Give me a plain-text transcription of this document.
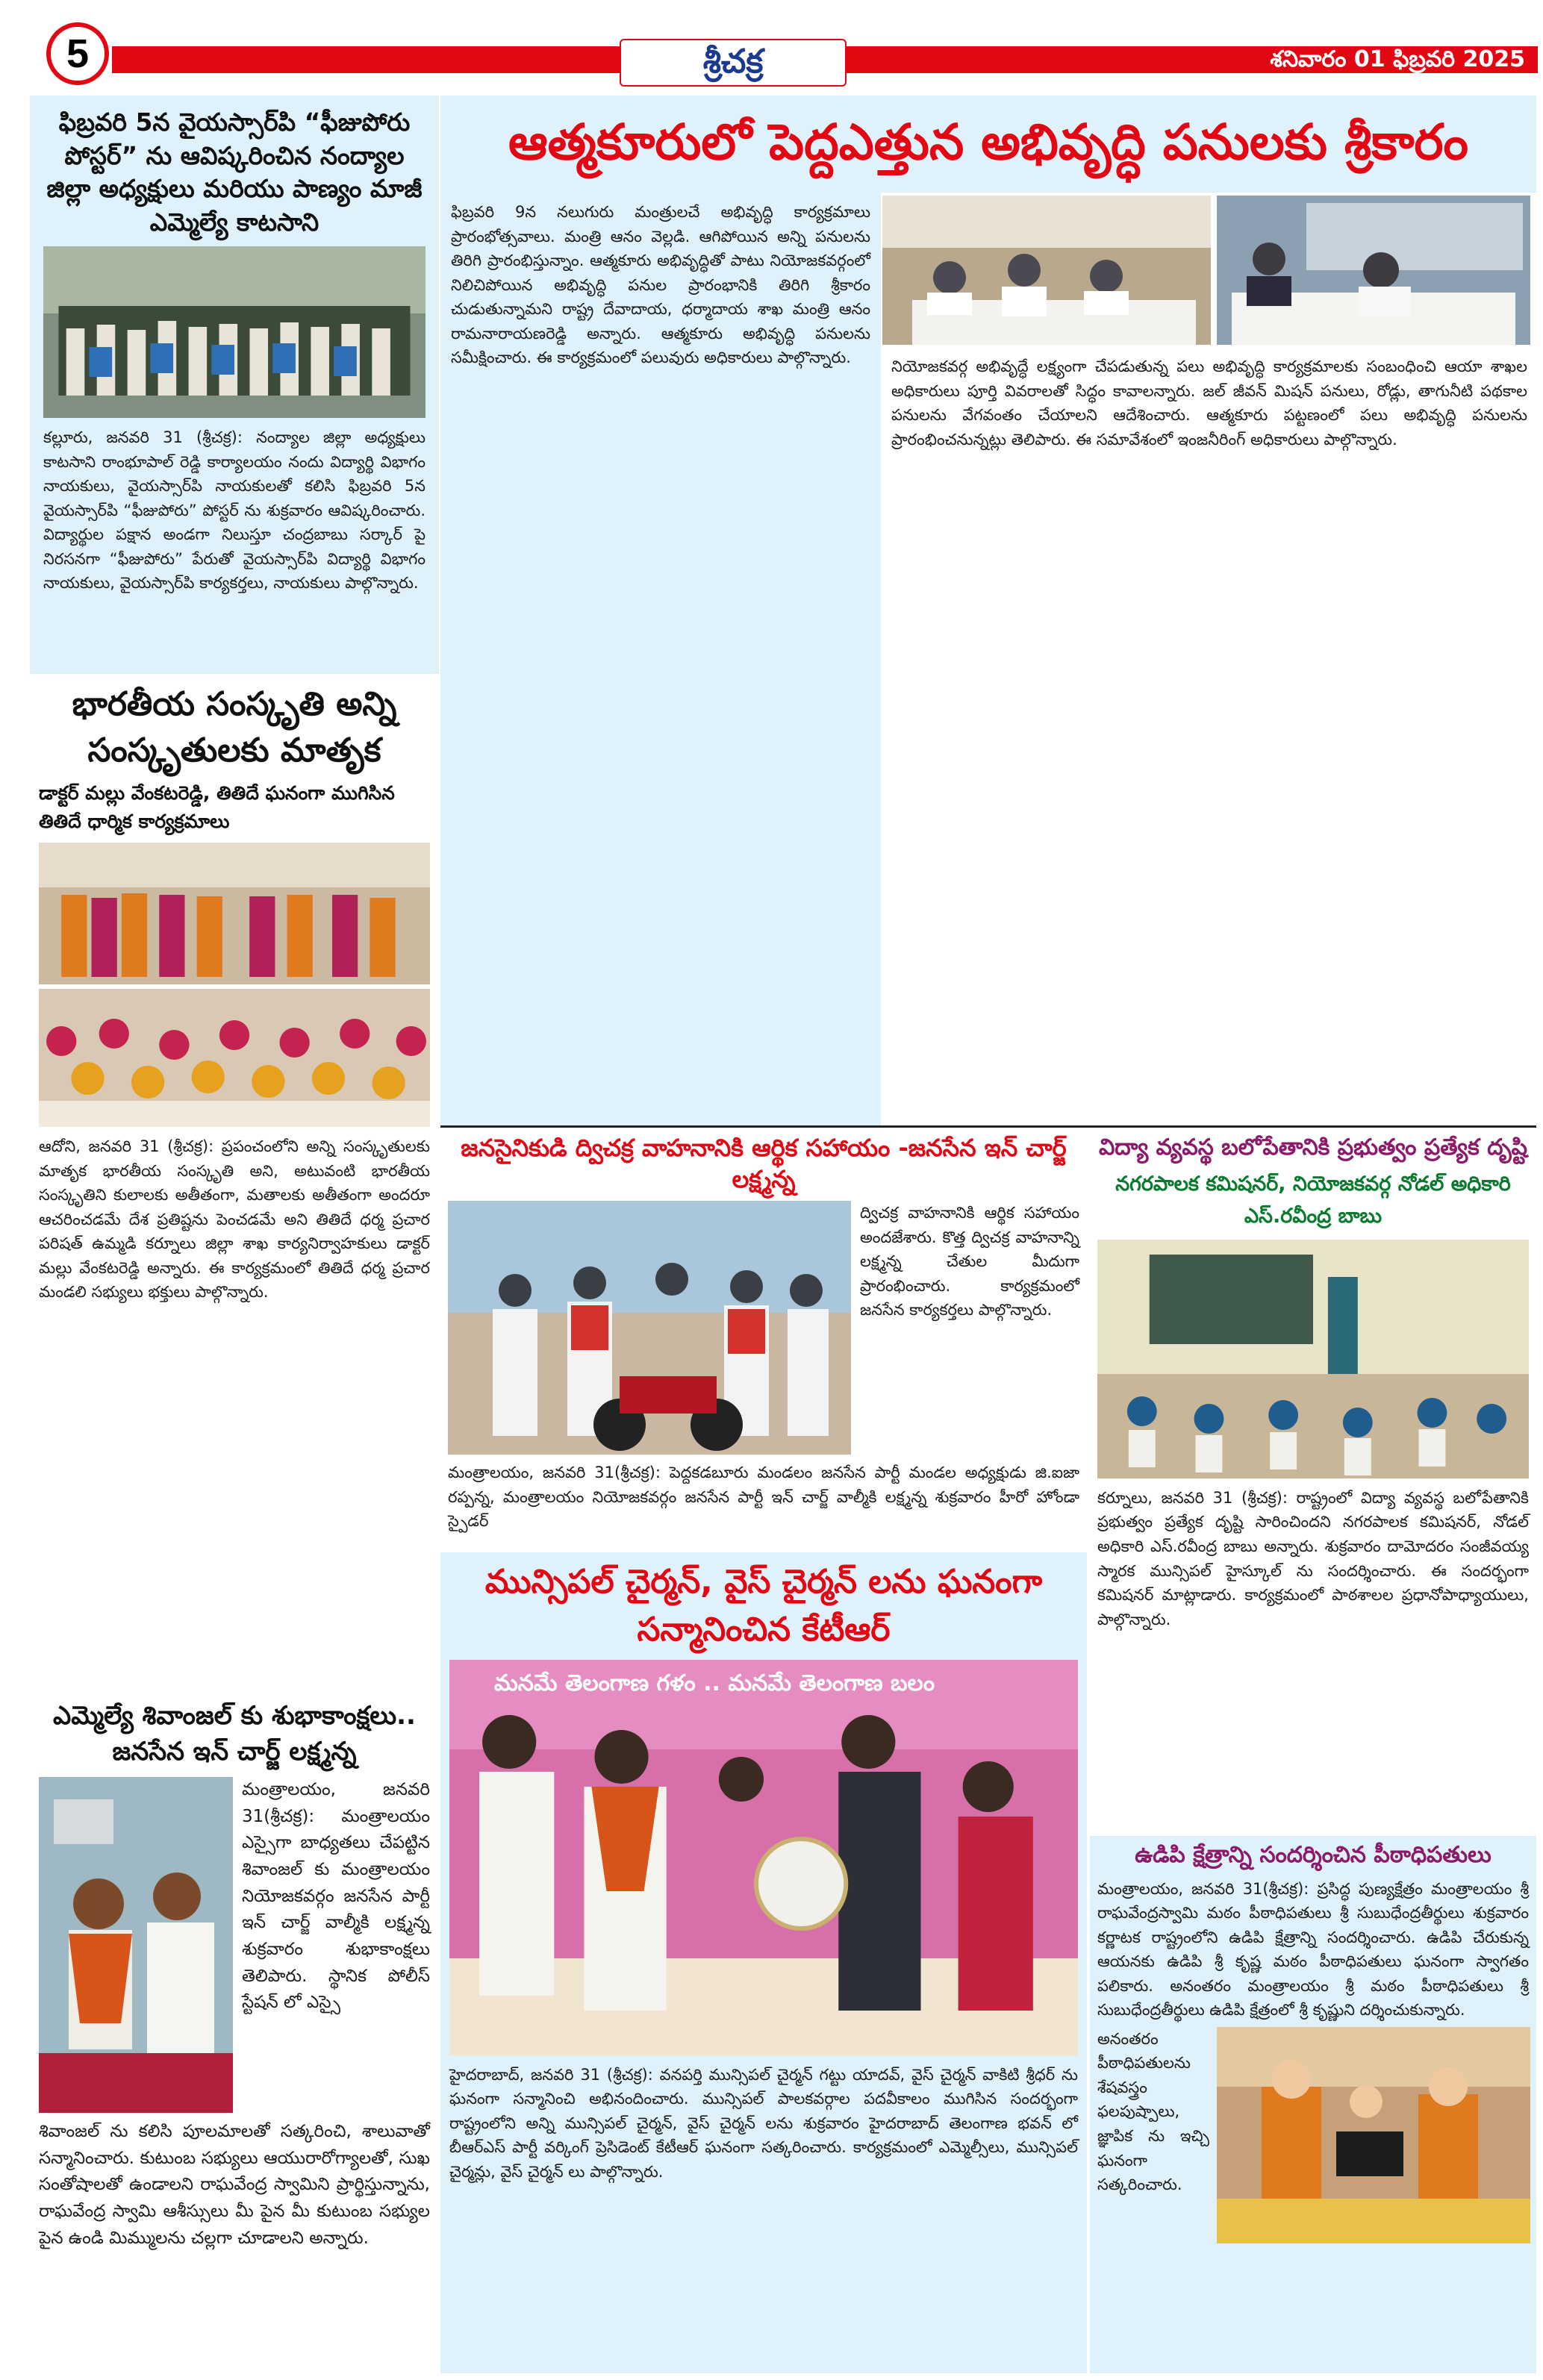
5	శ్రీచక్ర	శనివారం 01 ఫిబ్రవరి 2025
ఫిబ్రవరి 5న వైయస్సార్‌పి “ఫీజుపోరు పోస్టర్” ను ఆవిష్కరించిన నంద్యాల జిల్లా అధ్యక్షులు మరియు పాణ్యం మాజీ ఎమ్మెల్యే కాటసాని

కల్లూరు, జనవరి 31 (శ్రీచక్ర): నంద్యాల జిల్లా అధ్యక్షులు కాటసాని రాంభూపాల్ రెడ్డి కార్యాలయం నందు విద్యార్థి విభాగం నాయకులు, వైయస్సార్‌పి నాయకులతో కలిసి ఫిబ్రవరి 5న వైయస్సార్‌పి “ఫీజుపోరు” పోస్టర్ ను శుక్రవారం ఆవిష్కరించారు. విద్యార్థుల పక్షాన అండగా నిలుస్తూ చంద్రబాబు సర్కార్ పై నిరసనగా “ఫీజుపోరు” పేరుతో వైయస్సార్‌పి విద్యార్థి విభాగం నాయకులు, వైయస్సార్‌పి కార్యకర్తలు, నాయకులు పాల్గొన్నారు.

భారతీయ సంస్కృతి అన్ని సంస్కృతులకు మాతృక
డాక్టర్ మల్లు వేంకటరెడ్డి, తితిదే ఘనంగా ముగిసిన తితిదే ధార్మిక కార్యక్రమాలు

ఆదోని, జనవరి 31 (శ్రీచక్ర): ప్రపంచంలోని అన్ని సంస్కృతులకు మాతృక భారతీయ సంస్కృతి అని, అటువంటి భారతీయ సంస్కృతిని కులాలకు అతీతంగా, మతాలకు అతీతంగా అందరూ ఆచరించడమే దేశ ప్రతిష్టను పెంచడమే అని తితిదే ధర్మ ప్రచార పరిషత్ ఉమ్మడి కర్నూలు జిల్లా శాఖ కార్యనిర్వాహకులు డాక్టర్ మల్లు వేంకటరెడ్డి అన్నారు. ఈ కార్యక్రమంలో తితిదే ధర్మ ప్రచార మండలి సభ్యులు భక్తులు పాల్గొన్నారు.

ఎమ్మెల్యే శివాంజల్ కు శుభాకాంక్షలు.. జనసేన ఇన్ చార్జ్ లక్ష్మన్న

మంత్రాలయం, జనవరి 31(శ్రీచక్ర): మంత్రాలయం ఎస్సైగా బాధ్యతలు చేపట్టిన శివాంజల్ కు మంత్రాలయం నియోజకవర్గం జనసేన పార్టీ ఇన్ చార్జ్ వాల్మీకి లక్ష్మన్న శుక్రవారం శుభాకాంక్షలు తెలిపారు. స్థానిక పోలీస్ స్టేషన్ లో ఎస్సై

శివాంజల్ ను కలిసి పూలమాలతో సత్కరించి, శాలువాతో సన్మానించారు. కుటుంబ సభ్యులు ఆయురారోగ్యాలతో, సుఖ సంతోషాలతో ఉండాలని రాఘవేంద్ర స్వామిని ప్రార్థిస్తున్నాను, రాఘవేంద్ర స్వామి ఆశీస్సులు మీ పైన మీ కుటుంబ సభ్యుల పైన ఉండి మిమ్ములను చల్లగా చూడాలని అన్నారు.

ఆత్మకూరులో పెద్దఎత్తున అభివృద్ధి పనులకు శ్రీకారం

ఫిబ్రవరి 9న నలుగురు మంత్రులచే అభివృద్ధి కార్యక్రమాలు ప్రారంభోత్సవాలు. మంత్రి ఆనం వెల్లడి. ఆగిపోయిన అన్ని పనులను తిరిగి ప్రారంభిస్తున్నాం. ఆత్మకూరు అభివృద్ధితో పాటు నియోజకవర్గంలో నిలిచిపోయిన అభివృద్ధి పనుల ప్రారంభానికి తిరిగి శ్రీకారం చుడుతున్నామని రాష్ట్ర దేవాదాయ, ధర్మాదాయ శాఖ మంత్రి ఆనం రామనారాయణరెడ్డి అన్నారు. ఆత్మకూరు అభివృద్ధి పనులను సమీక్షించారు. ఈ కార్యక్రమంలో పలువురు అధికారులు పాల్గొన్నారు.	నియోజకవర్గ అభివృద్ధే లక్ష్యంగా చేపడుతున్న పలు అభివృద్ధి కార్యక్రమాలకు సంబంధించి ఆయా శాఖల అధికారులు పూర్తి వివరాలతో సిద్ధం కావాలన్నారు. జల్ జీవన్ మిషన్ పనులు, రోడ్లు, తాగునీటి పథకాల పనులను వేగవంతం చేయాలని ఆదేశించారు. ఆత్మకూరు పట్టణంలో పలు అభివృద్ధి పనులను ప్రారంభించనున్నట్లు తెలిపారు. ఈ సమావేశంలో ఇంజనీరింగ్ అధికారులు పాల్గొన్నారు.

జనసైనికుడి ద్విచక్ర వాహనానికి ఆర్థిక సహాయం -జనసేన ఇన్ చార్జ్ లక్ష్మన్న

ద్విచక్ర వాహనానికి ఆర్థిక సహాయం అందజేశారు. కొత్త ద్విచక్ర వాహనాన్ని లక్ష్మన్న చేతుల మీదుగా ప్రారంభించారు. కార్యక్రమంలో జనసేన కార్యకర్తలు పాల్గొన్నారు.

మంత్రాలయం, జనవరి 31(శ్రీచక్ర): పెద్దకడబూరు మండలం జనసేన పార్టీ మండల అధ్యక్షుడు జి.ఐజా రప్పన్న, మంత్రాలయం నియోజకవర్గం జనసేన పార్టీ ఇన్ చార్జ్ వాల్మీకి లక్ష్మన్న శుక్రవారం హీరో హోండా స్పైడర్

మున్సిపల్ చైర్మన్, వైస్ చైర్మన్ లను ఘనంగా సన్మానించిన కేటీఆర్
మనమే తెలంగాణ గళం .. మనమే తెలంగాణ బలం

హైదరాబాద్, జనవరి 31 (శ్రీచక్ర): వనపర్తి మున్సిపల్ చైర్మన్ గట్టు యాదవ్, వైస్ చైర్మన్ వాకిటి శ్రీధర్ ను ఘనంగా సన్మానించి అభినందించారు. మున్సిపల్ పాలకవర్గాల పదవీకాలం ముగిసిన సందర్భంగా రాష్ట్రంలోని అన్ని మున్సిపల్ చైర్మన్, వైస్ చైర్మన్ లను శుక్రవారం హైదరాబాద్ తెలంగాణ భవన్ లో బీఆర్ఎస్ పార్టీ వర్కింగ్ ప్రెసిడెంట్ కేటీఆర్ ఘనంగా సత్కరించారు. కార్యక్రమంలో ఎమ్మెల్సీలు, మున్సిపల్ చైర్మన్లు, వైస్ చైర్మన్ లు పాల్గొన్నారు.

విద్యా వ్యవస్థ బలోపేతానికి ప్రభుత్వం ప్రత్యేక దృష్టి
నగరపాలక కమిషనర్, నియోజకవర్గ నోడల్ అధికారి ఎస్.రవీంద్ర బాబు

కర్నూలు, జనవరి 31 (శ్రీచక్ర): రాష్ట్రంలో విద్యా వ్యవస్థ బలోపేతానికి ప్రభుత్వం ప్రత్యేక దృష్టి సారించిందని నగరపాలక కమిషనర్, నోడల్ అధికారి ఎస్.రవీంద్ర బాబు అన్నారు. శుక్రవారం దామోదరం సంజీవయ్య స్మారక మున్సిపల్ హైస్కూల్ ను సందర్శించారు. ఈ సందర్భంగా కమిషనర్ మాట్లాడారు. కార్యక్రమంలో పాఠశాలల ప్రధానోపాధ్యాయులు, పాల్గొన్నారు.

ఉడిపి క్షేత్రాన్ని సందర్శించిన పీఠాధిపతులు

మంత్రాలయం, జనవరి 31(శ్రీచక్ర): ప్రసిద్ధ పుణ్యక్షేత్రం మంత్రాలయం శ్రీ రాఘవేంద్రస్వామి మఠం పీఠాధిపతులు శ్రీ సుబుధేంద్రతీర్థులు శుక్రవారం కర్ణాటక రాష్ట్రంలోని ఉడిపి క్షేత్రాన్ని సందర్శించారు. ఉడిపి చేరుకున్న ఆయనకు ఉడిపి శ్రీ కృష్ణ మఠం పీఠాధిపతులు ఘనంగా స్వాగతం పలికారు. అనంతరం మంత్రాలయం శ్రీ మఠం పీఠాధిపతులు శ్రీ సుబుధేంద్రతీర్థులు ఉడిపి క్షేత్రంలో శ్రీ కృష్ణుని దర్శించుకున్నారు.

అనంతరం పీఠాధిపతులను శేషవస్త్రం ఫలపుష్పాలు, జ్ఞాపిక ను ఇచ్చి ఘనంగా సత్కరించారు.
